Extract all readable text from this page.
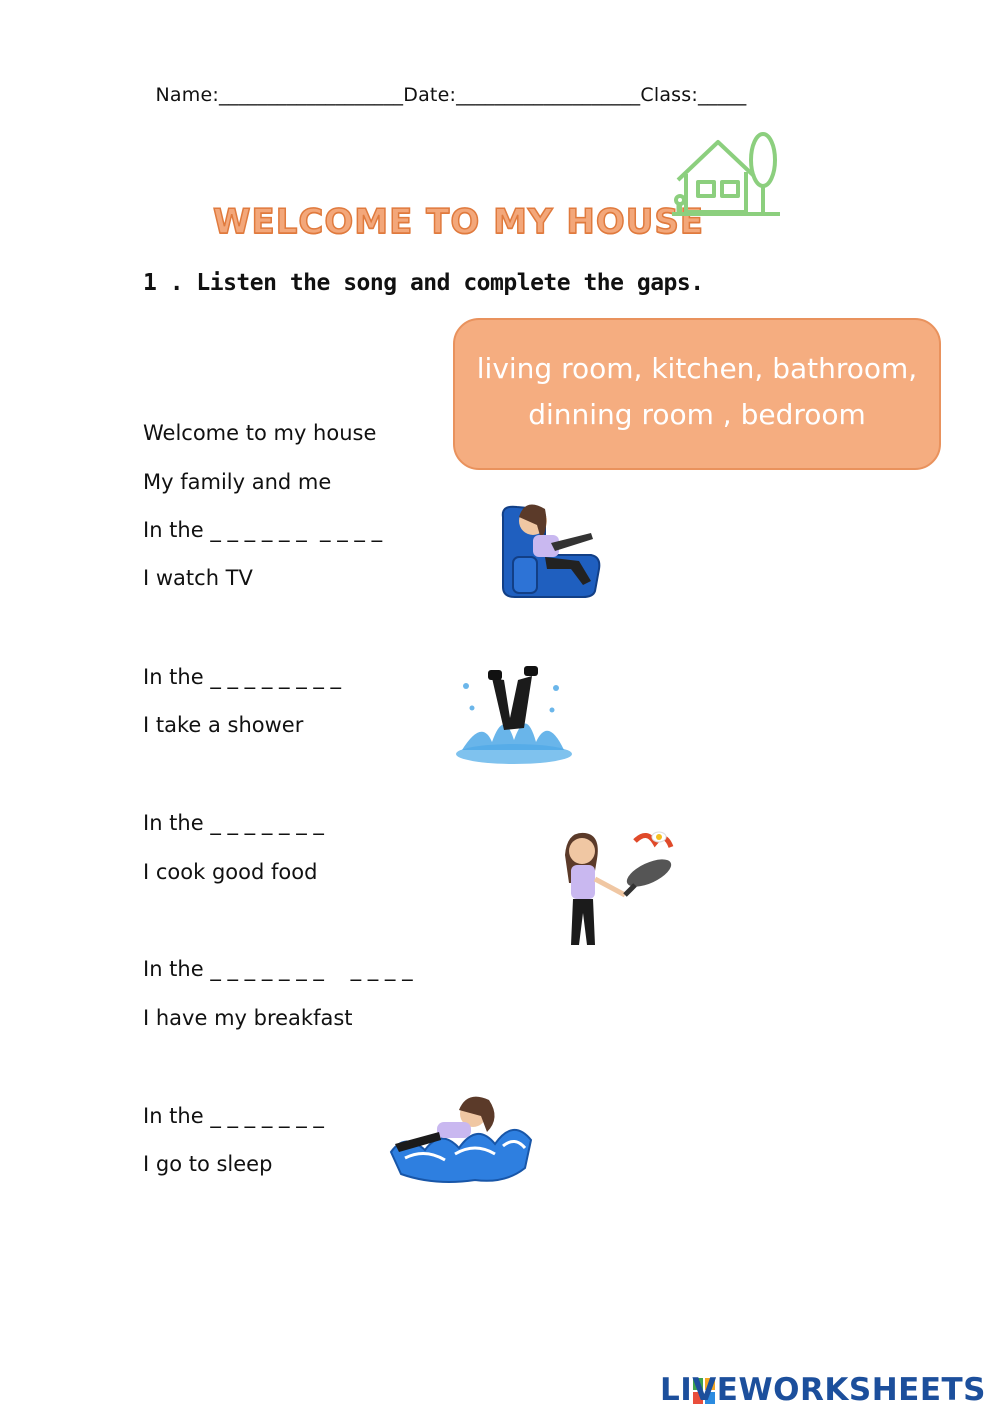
Name:___________________Date:___________________Class:_____

WELCOME TO MY HOUSE
1 . Listen the song and complete the gaps.
living room, kitchen, bathroom,
dinning room , bedroom
Welcome to my house
My family and me
In the _ _ _ _ _ _  _ _ _ _
I watch TV
In the _ _ _ _ _ _ _ _
I take a shower
In the _ _ _ _ _ _ _
I cook good food
In the _ _ _ _ _ _ _    _ _ _ _
I have my breakfast
In the _ _ _ _ _ _ _
I go to sleep
LIVEWORKSHEETS
